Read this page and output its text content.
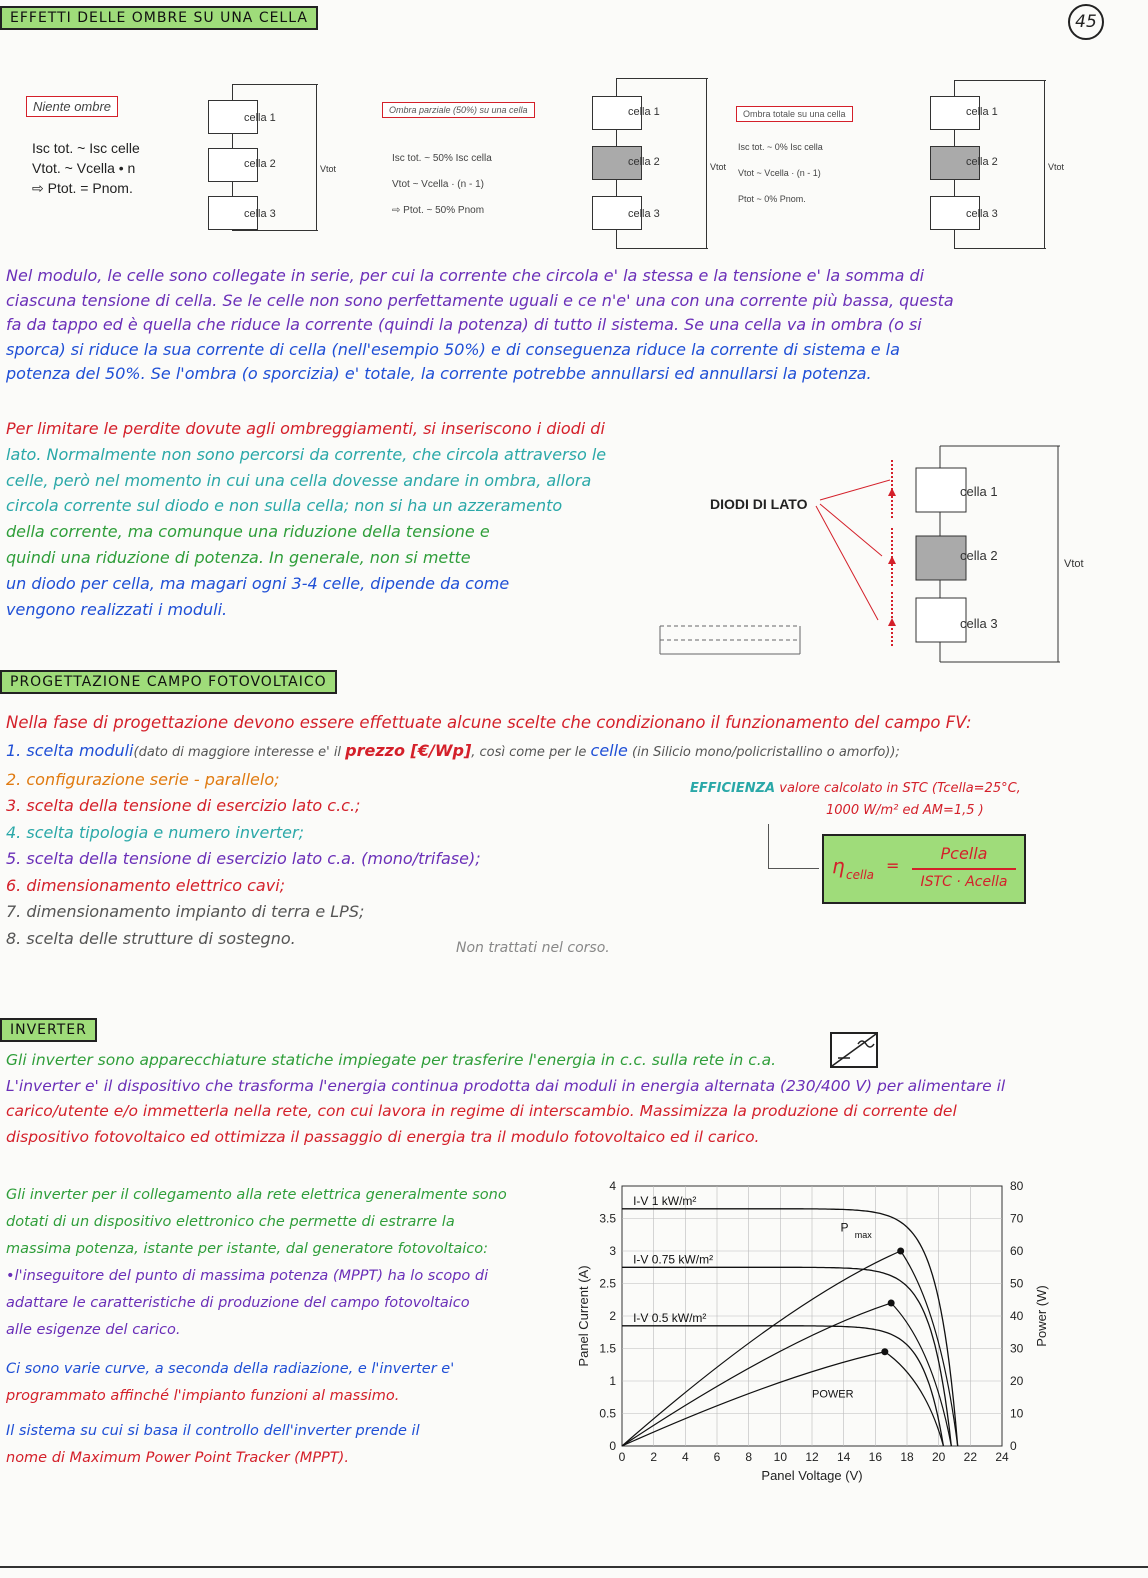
EFFETTI DELLE OMBRE SU UNA CELLA	45
Niente ombre
Isc tot. ~ Isc celle
Vtot. ~ Vcella • n
⇨ Ptot. = Pnom.
cella 1
cella 2
cella 3
Vtot
Ombra parziale (50%) su una cella
Isc tot. ~ 50% Isc cella
Vtot ~ Vcella · (n - 1)
⇨ Ptot. ~ 50% Pnom
cella 1
cella 2
cella 3
Vtot
Ombra totale su una cella
Isc tot. ~ 0% Isc cella
Vtot ~ Vcella · (n - 1)
Ptot ~ 0% Pnom.
cella 1
cella 2
cella 3
Vtot
Nel modulo, le celle sono collegate in serie, per cui la corrente che circola e' la stessa e la tensione e' la somma di
ciascuna tensione di cella. Se le celle non sono perfettamente uguali e ce n'e' una con una corrente più bassa, questa
fa da tappo ed è quella che riduce la corrente (quindi la potenza) di tutto il sistema. Se una cella va in ombra (o si
sporca) si riduce la sua corrente di cella (nell'esempio 50%) e di conseguenza riduce la corrente di sistema e la
potenza del 50%. Se l'ombra (o sporcizia) e' totale, la corrente potrebbe annullarsi ed annullarsi la potenza.
Per limitare le perdite dovute agli ombreggiamenti, si inseriscono i diodi di
lato. Normalmente non sono percorsi da corrente, che circola attraverso le
celle, però nel momento in cui una cella dovesse andare in ombra, allora
circola corrente sul diodo e non sulla cella; non si ha un azzeramento
della corrente, ma comunque una riduzione della tensione e
quindi una riduzione di potenza. In generale, non si mette
un diodo per cella, ma magari ogni 3-4 celle, dipende da come
vengono realizzati i moduli.
DIODI DI LATO
cella 1
cella 2
cella 3
Vtot
PROGETTAZIONE CAMPO FOTOVOLTAICO
Nella fase di progettazione devono essere effettuate alcune scelte che condizionano il funzionamento del campo FV:
1. scelta moduli(dato di maggiore interesse e' il prezzo [€/Wp], così come per le celle (in Silicio mono/policristallino o amorfo));
2. configurazione serie - parallelo;
3. scelta della tensione di esercizio lato c.c.;
4. scelta tipologia e numero inverter;
5. scelta della tensione di esercizio lato c.a. (mono/trifase);
6. dimensionamento elettrico cavi;
7. dimensionamento impianto di terra e LPS;
8. scelta delle strutture di sostegno.
Non trattati nel corso.
EFFICIENZA valore calcolato in STC (Tcella=25°C,
1000 W/m² ed AM=1,5 )
η cella =
Pcella
ISTC · Acella
INVERTER
Gli inverter sono apparecchiature statiche impiegate per trasferire l'energia in c.c. sulla rete in c.a.
L'inverter e' il dispositivo che trasforma l'energia continua prodotta dai moduli in energia alternata (230/400 V) per alimentare il
carico/utente e/o immetterla nella rete, con cui lavora in regime di interscambio. Massimizza la produzione di corrente del
dispositivo fotovoltaico ed ottimizza il passaggio di energia tra il modulo fotovoltaico ed il carico.
Gli inverter per il collegamento alla rete elettrica generalmente sono
dotati di un dispositivo elettronico che permette di estrarre la
massima potenza, istante per istante, dal generatore fotovoltaico:
•l'inseguitore del punto di massima potenza (MPPT) ha lo scopo di
adattare le caratteristiche di produzione del campo fotovoltaico
alle esigenze del carico.
Ci sono varie curve, a seconda della radiazione, e l'inverter e'
programmato affinché l'impianto funzioni al massimo.
Il sistema su cui si basa il controllo dell'inverter prende il
nome di Maximum Power Point Tracker (MPPT).	0 2 4 6 8 10 12 14 16 18 20 22 24
0
0.5
1
1.5
2
2.5
3
3.5
4
0
10
20
30
40
50
60
70
80
Panel Voltage (V)
Panel Current (A)	Power (W)
I-V 1 kW/m²
I-V 0.75 kW/m²
I-V 0.5 kW/m²
P
max
POWER
